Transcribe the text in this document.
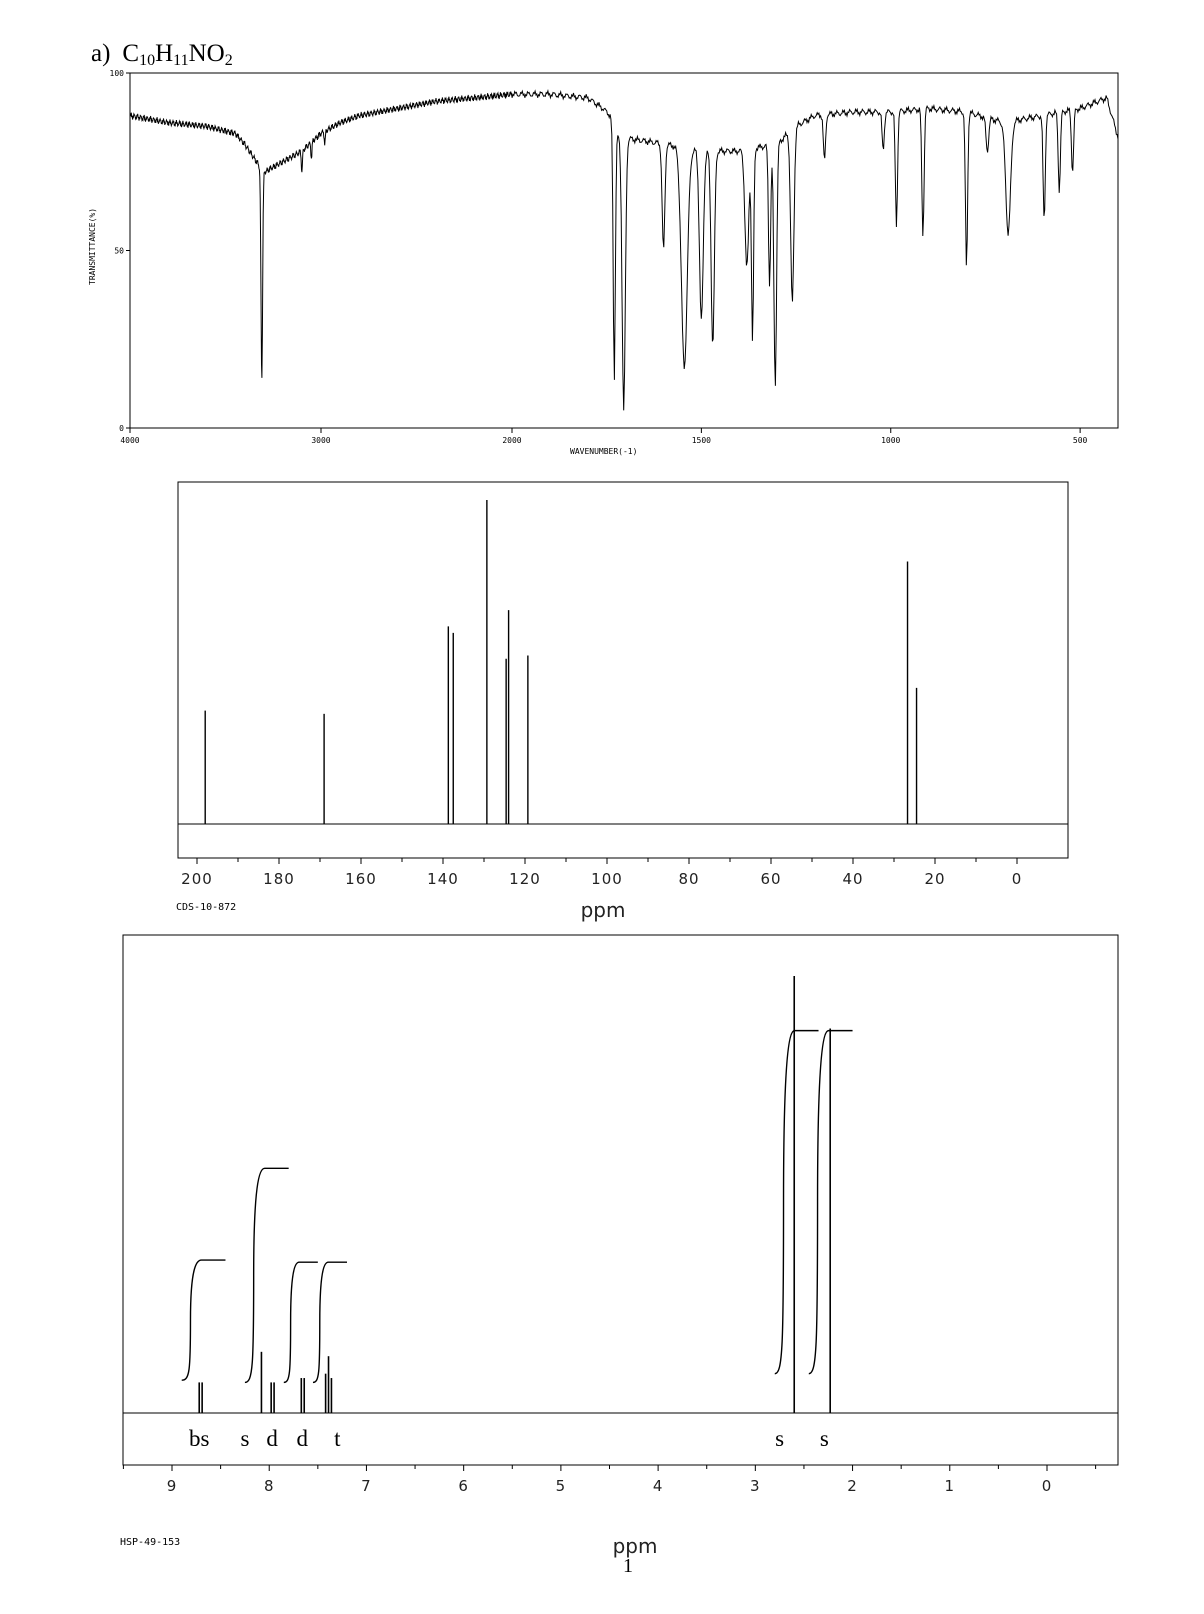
a) $C_{10}H_{11}NO_2$
0
50
100
4000	3000	2000	1500	1000	500
TRANSMITTANCE(%)
WAVENUMBER(-1)
200	180	160	140	120	100	80	60	40	20	0
ppm
CDS-10-872
bs s d d t	s s
9	8	7	6	5	4	3	2	1	0
ppm
HSP-49-153
1
